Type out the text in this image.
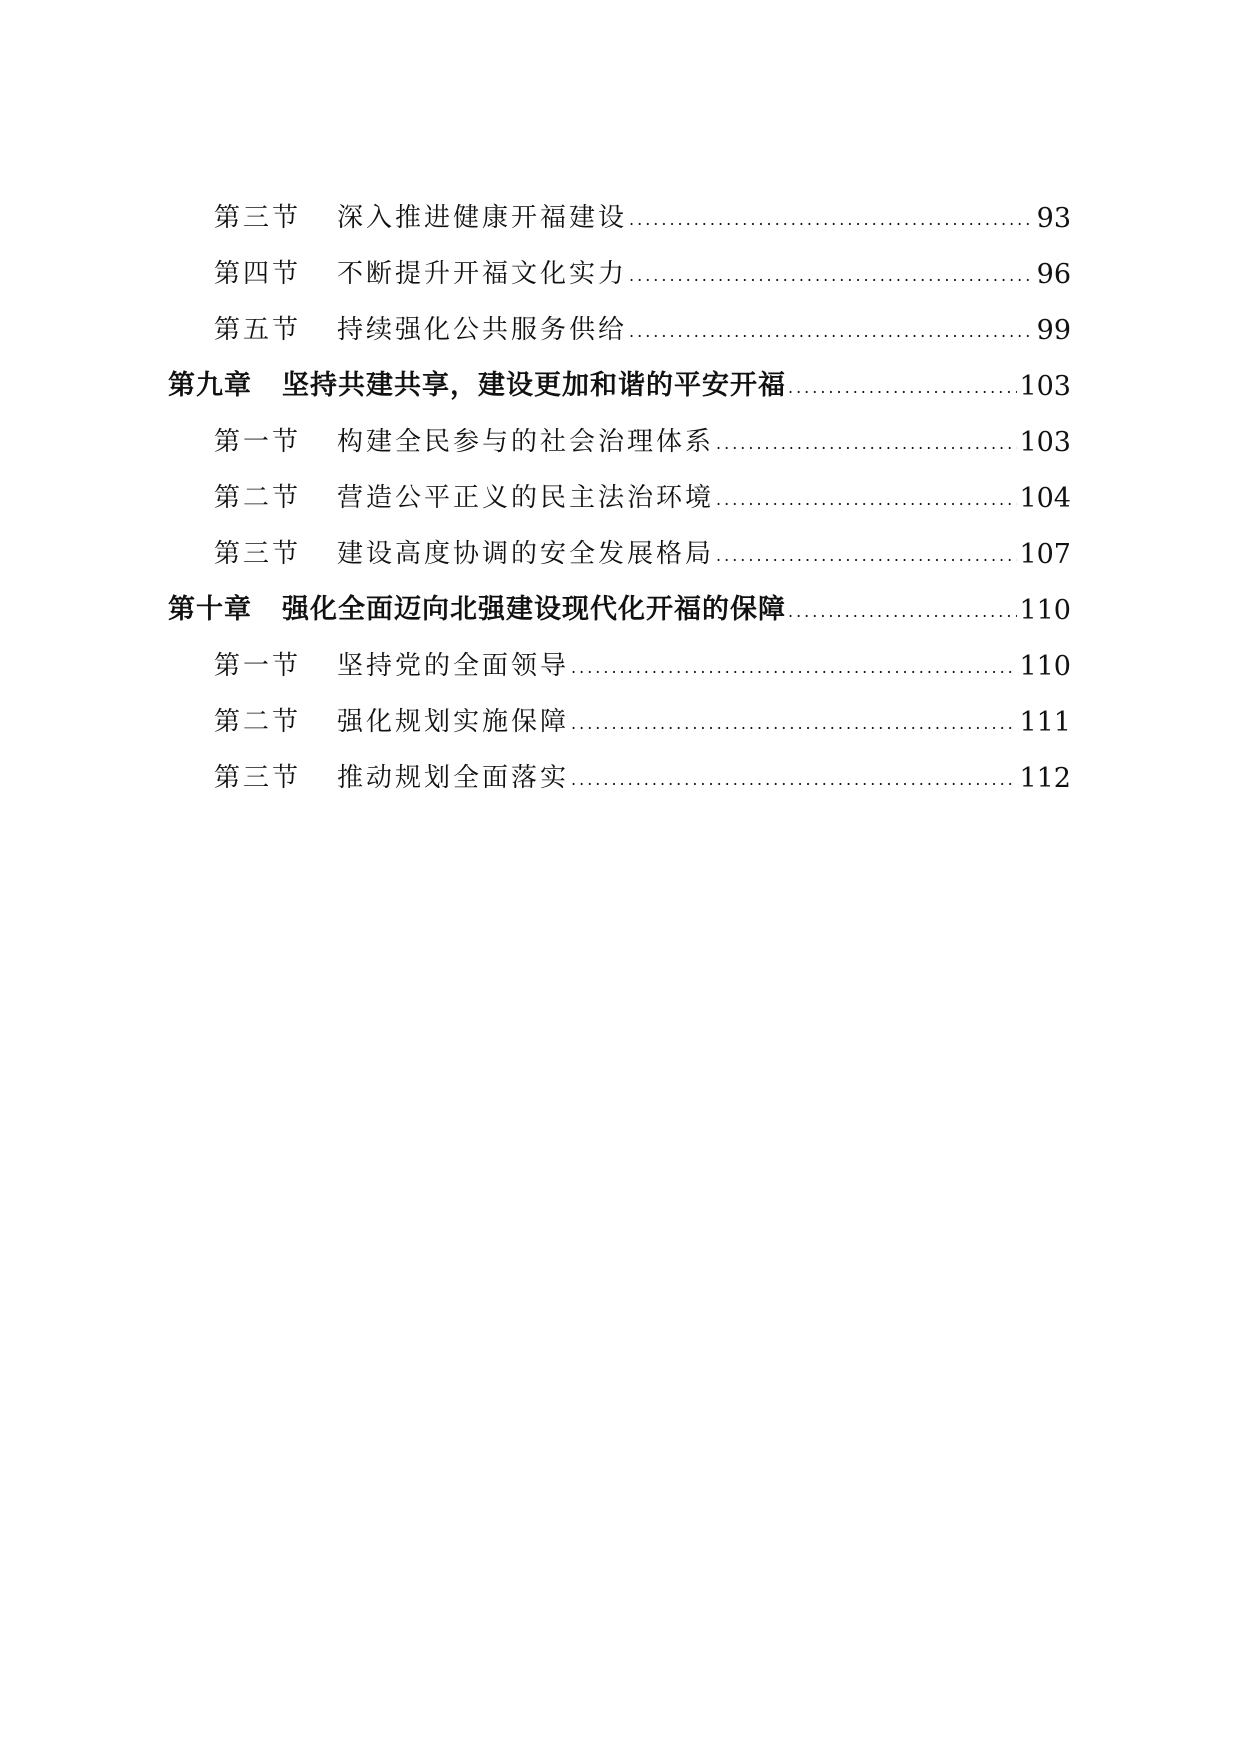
第三节 深入推进健康开福建设 .....	93
第四节 不断提升开福文化实力 .....	96
第五节 持续强化公共服务供给 .....	99
第九章 坚持共建共享，建设更加和谐的平安开福 .....	103
第一节 构建全民参与的社会治理体系 .....	103
第二节 营造公平正义的民主法治环境 .....	104
第三节 建设高度协调的安全发展格局 .....	107
第十章 强化全面迈向北强建设现代化开福的保障 .....	110
第一节 坚持党的全面领导 .....	110
第二节 强化规划实施保障 .....	111
第三节 推动规划全面落实 .....	112
